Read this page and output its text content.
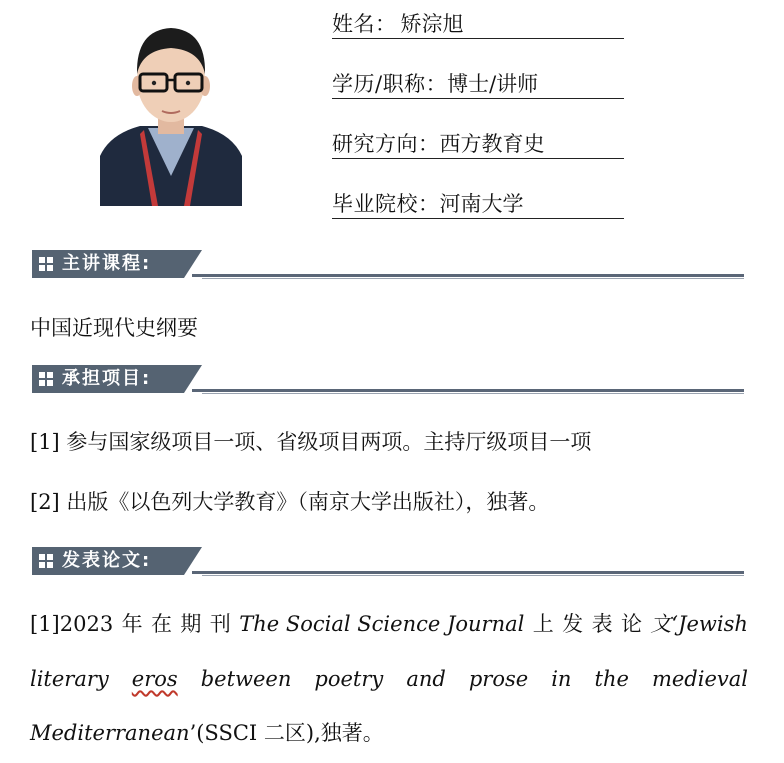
姓名： 矫淙旭
学历/职称：博士/讲师
研究方向：西方教育史
毕业院校：河南大学
主讲课程:
中国近现代史纲要
承担项目:
[1] 参与国家级项目一项、省级项目两项。主持厅级项目一项
[2] 出版《以色列大学教育》（南京大学出版社），独著。
发表论文:
[1]2023 年 在 期 刊 The Social Science Journal 上 发 表 论 文‘Jewish
literary eros between poetry and prose in the medieval
Mediterranean’(SSCI 二区),独著。
